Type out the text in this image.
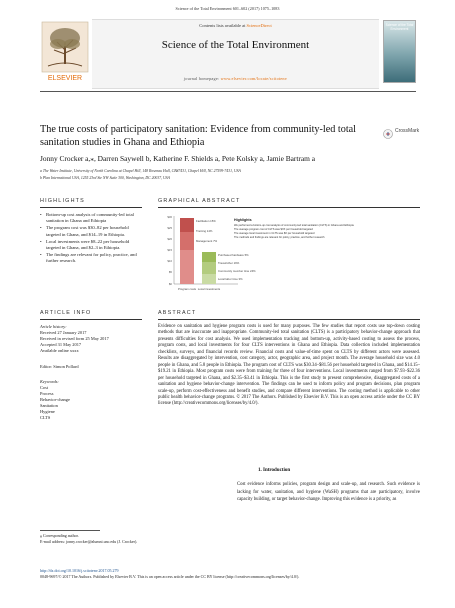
Science of the Total Environment 601–602 (2017) 1075–1083
Contents lists available at ScienceDirect
Science of the Total Environment
journal homepage: www.elsevier.com/locate/scitotenv
ELSEVIER
Science of the Total Environment
The true costs of participatory sanitation: Evidence from community-led total sanitation studies in Ghana and Ethiopia
CrossMark
Jonny Crocker a,⁎, Darren Saywell b, Katherine F. Shields a, Pete Kolsky a, Jamie Bartram a
a The Water Institute, University of North Carolina at Chapel Hill, 148 Rosenau Hall, CB#7431, Chapel Hill, NC 27599-7431, USA
b Plan International USA, 1255 23rd Ste NW Suite 300, Washington, DC 20037, USA
HIGHLIGHTS
• Bottom-up cost analysis of community-led total sanitation in Ghana and Ethiopia
• The program cost was $30–82 per household targeted in Ghana, and $14–19 in Ethiopia.
• Local investments were $8–22 per household targeted in Ghana, and $2–3 in Ethiopia.
• The findings are relevant for policy, practice, and further research.
GRAPHICAL ABSTRACT
$30
$25
$20
$15
$10
$5
$0
Facilitation 15%
Training 14%
Management 7%
Purchased hardware 5%
Travel/other 19%
Community member time 24%
Local labor time 3%
Program costs Local investments
Highlights
We performed a bottom-up cost analysis of community-led total sanitation (CLTS) in Ghana and Ethiopia
The average program cost of CLTS was $XX per household targeted
The average local investment in CLTS was $X per household targeted
The methods and findings are relevant for policy, practice, and further research
ARTICLE INFO
Article history:
Received 27 January 2017
Received in revised form 25 May 2017
Accepted 31 May 2017
Available online xxxx
Editor: Simon Pollard
Keywords:
Cost
Process
Behavior-change
Sanitation
Hygiene
CLTS
ABSTRACT
Evidence on sanitation and hygiene program costs is used for many purposes. The few studies that report costs use top-down costing methods that are inaccurate and inappropriate. Community-led total sanitation (CLTS) is a participatory behavior-change approach that presents difficulties for cost analysis. We used implementation tracking and bottom-up, activity-based costing to assess the process, program costs, and local investments for four CLTS interventions in Ghana and Ethiopia. Data collection included implementation checklists, surveys, and financial records review. Financial costs and value-of-time spent on CLTS by different actors were assessed. Results are disaggregated by intervention, cost category, actor, geographic area, and project month. The average household size was 4.0 people in Ghana, and 5.8 people in Ethiopia. The program cost of CLTS was $30.34–$81.56 per household targeted in Ghana, and $14.15–$19.21 in Ethiopia. Most program costs were from training for three of four interventions. Local investments ranged from $7.93–$22.36 per household targeted in Ghana, and $2.35–$3.41 in Ethiopia. This is the first study to present comprehensive, disaggregated costs of a sanitation and hygiene behavior-change intervention. The findings can be used to inform policy and program decisions, plan program scale-up, perform cost-effectiveness and benefit studies, and compare different interventions. The costing method is applicable to other public health behavior-change programs. © 2017 The Authors. Published by Elsevier B.V. This is an open access article under the CC BY license (http://creativecommons.org/licenses/by/4.0/).
1. Introduction
Cost evidence informs policies, program design and scale-up, and research. Such evidence is lacking for water, sanitation, and hygiene (WaSH) programs that are participatory, involve capacity building, or target behavior-change. Improving this evidence is a priority, as
⁎ Corresponding author.
E-mail address: jonny.crocker@alumni.unc.edu (J. Crocker).
http://dx.doi.org/10.1016/j.scitotenv.2017.05.279
0048-9697/© 2017 The Authors. Published by Elsevier B.V. This is an open access article under the CC BY license (http://creativecommons.org/licenses/by/4.0/).
